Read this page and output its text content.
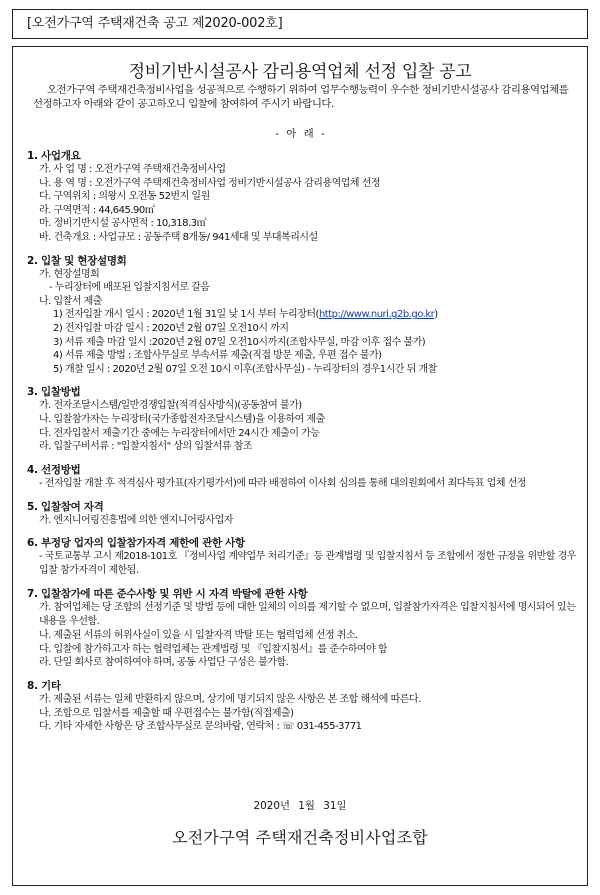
[오전가구역 주택재건축 공고 제2020-002호]
정비기반시설공사 감리용역업체 선정 입찰 공고
오전가구역 주택재건축정비사업을 성공적으로 수행하기 위하여 업무수행능력이 우수한 정비기반시설공사 감리용역업체를 선정하고자 아래와 같이 공고하오니 입찰에 참여하여 주시기 바랍니다.
- 아 래 -
1. 사업개요
가. 사 업 명 : 오전가구역 주택재건축정비사업
나. 용 역 명 : 오전가구역 주택재건축정비사업 정비기반시설공사 감리용역업체 선정
다. 구역위치 : 의왕시 오전동 52번지 일원
라. 구역면적 : 44,645.90㎡
마. 정비기반시설 공사면적 : 10,318.3㎡
바. 건축개요 : 사업규모 : 공동주택 8개동/ 941세대 및 부대복리시설
2. 입찰 및 현장설명회
가. 현장설명회
- 누리장터에 배포된 입찰지침서로 갈음
나. 입찰서 제출
1) 전자입찰 개시 일시 : 2020년 1월 31일 낮 1시 부터 누리장터(http://www.nuri.g2b.go.kr)
2) 전자입찰 마감 일시 : 2020년 2월 07일 오전10시 까지
3) 서류 제출 마감 일시 :2020년 2월 07일 오전10시까지(조합사무실, 마감 이후 접수 불가)
4) 서류 제출 방법 : 조합사무실로 부속서류 제출(직접 방문 제출, 우편 접수 불가)
5) 개찰 일시 : 2020년 2월 07일 오전 10시 이후(조합사무실) - 누리장터의 경우1시간 뒤 개찰
3. 입찰방법
가. 전자조달시스템/일반경쟁입찰(적격심사방식)(공동참여 불가)
나. 입찰참가자는 누리장터(국가종합전자조달시스템)을 이용하여 제출
다. 전자입찰서 제출기간 중에는 누리장터에서만 24시간 제출이 가능
라. 입찰구비서류 : "입찰지침서" 상의 입찰서류 참조
4. 선정방법
- 전자입찰 개찰 후 적격심사 평가표(자기평가서)에 따라 배점하여 이사회 심의를 통해 대의원회에서 최다득표 업체 선정
5. 입찰참여 자격
가. 엔지니어링진흥법에 의한 엔지니어링사업자
6. 부정당 업자의 입찰참가자격 제한에 관한 사항
- 국토교통부 고시 제2018-101호 『정비사업 계약업무 처리기준』등 관계법령 및 입찰지침서 등 조합에서 정한 규정을 위반할 경우 입찰 참가자격이 제한됨.
7. 입찰참가에 따른 준수사항 및 위반 시 자격 박탈에 관한 사항
가. 참여업체는 당 조합의 선정기준 및 방법 등에 대한 일체의 이의를 제기할 수 없으며, 입찰참가자격은 입찰지침서에 명시되어 있는 내용을 우선함.
나. 제출된 서류의 허위사실이 있을 시 입찰자격 박탈 또는 협력업체 선정 취소.
다. 입찰에 참가하고자 하는 협력업체는 관계법령 및 『입찰지침서』를 준수하여야 함
라. 단일 회사로 참여하여야 하며, 공동 사업단 구성은 불가함.
8. 기타
가. 제출된 서류는 일체 반환하지 않으며, 상기에 명기되지 않은 사항은 본 조합 해석에 따른다.
나. 조합으로 입찰서를 제출할 때 우편접수는 불가함(직접제출)
다. 기타 자세한 사항은 당 조합사무실로 문의바람, 연락처 : ☏ 031-455-3771
2020년 1월 31일
오전가구역 주택재건축정비사업조합
